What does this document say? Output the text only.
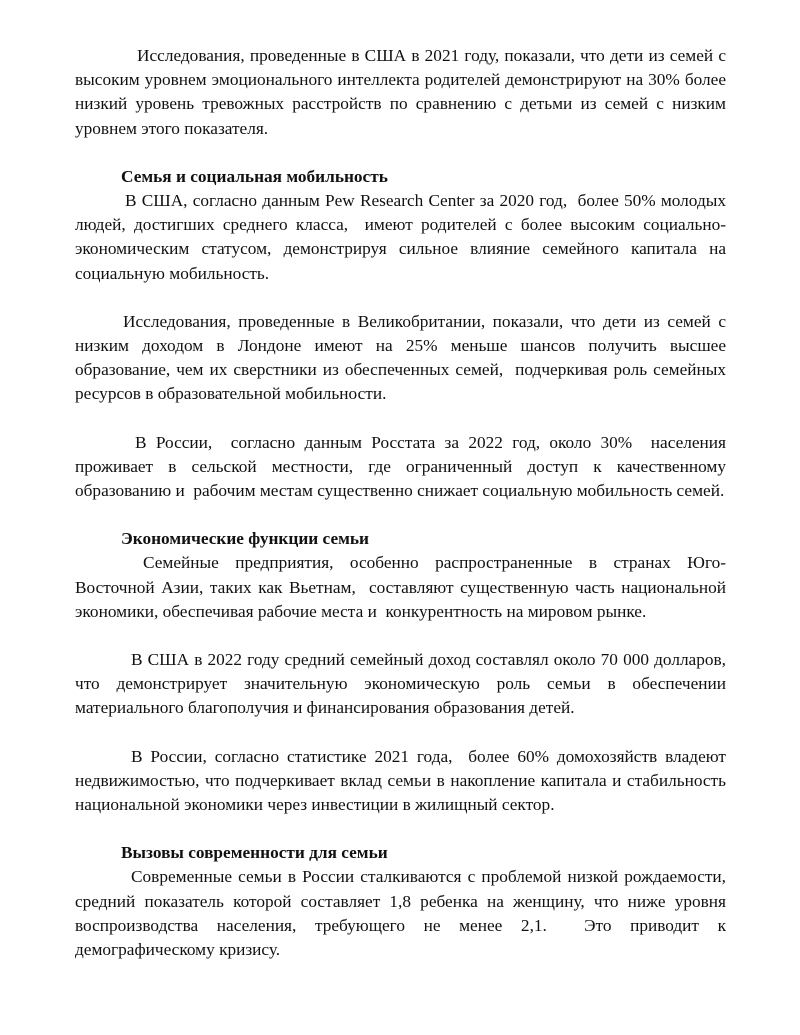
Исследования, проведенные в США в 2021 году, показали, что дети из семей с высоким уровнем эмоционального интеллекта родителей демонстрируют на 30% более низкий уровень тревожных расстройств по сравнению с детьми из семей с низким уровнем этого показателя.

Семья и социальная мобильность

В США, согласно данным Pew Research Center за 2020 год,  более 50% молодых людей, достигших среднего класса,  имеют родителей с более высоким социально-экономическим статусом, демонстрируя сильное влияние семейного капитала на социальную мобильность.

Исследования, проведенные в Великобритании, показали, что дети из семей с низким доходом в Лондоне имеют на 25% меньше шансов получить высшее образование, чем их сверстники из обеспеченных семей,  подчеркивая роль семейных ресурсов в образовательной мобильности.

В России,  согласно данным Росстата за 2022 год, около 30%  населения проживает в сельской местности, где ограниченный доступ к качественному образованию и  рабочим местам существенно снижает социальную мобильность семей.

Экономические функции семьи

Семейные предприятия, особенно распространенные в странах Юго-Восточной Азии, таких как Вьетнам,  составляют существенную часть национальной экономики, обеспечивая рабочие места и  конкурентность на мировом рынке.

В США в 2022 году средний семейный доход составлял около 70 000 долларов, что демонстрирует значительную экономическую роль семьи в обеспечении материального благополучия и финансирования образования детей.

В России, согласно статистике 2021 года,  более 60% домохозяйств владеют недвижимостью, что подчеркивает вклад семьи в накопление капитала и стабильность национальной экономики через инвестиции в жилищный сектор.

Вызовы современности для семьи

Современные семьи в России сталкиваются с проблемой низкой рождаемости, средний показатель которой составляет 1,8 ребенка на женщину, что ниже уровня воспроизводства населения, требующего не менее 2,1.  Это приводит к демографическому кризису.
